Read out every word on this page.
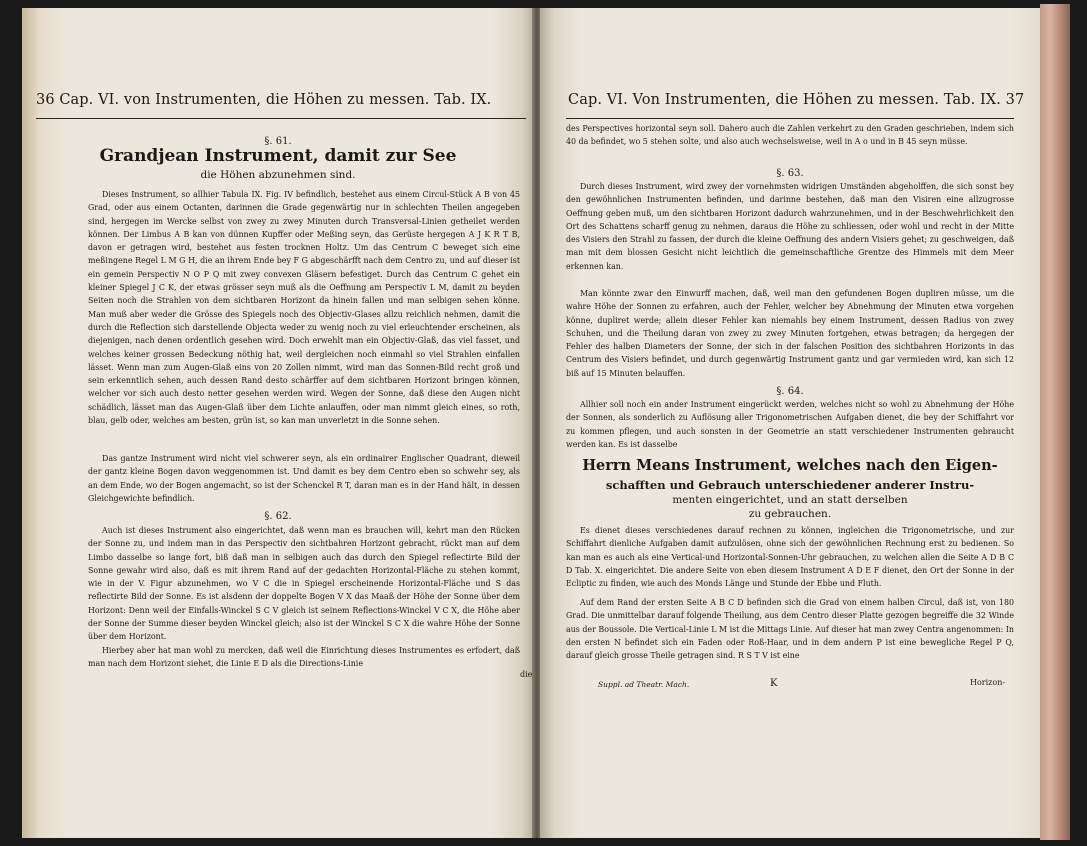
36 Cap. VI. von Instrumenten, die Höhen zu messen. Tab. IX.
§. 61.
Grandjean Instrument, damit zur See
die Höhen abzunehmen sind.
Dieses Instrument, so allhier Tabula IX. Fig. IV befindlich, bestehet aus einem Circul-Stück A B von 45 Grad, oder aus einem Octanten, darinnen die Grade gegenwärtig nur in schlechten Theilen angegeben sind, hergegen im Wercke selbst von zwey zu zwey Minuten durch Transversal-Linien getheilet werden können. Der Limbus A B kan von dünnen Kupffer oder Meßing seyn, das Gerüste hergegen A J K R T B, davon er getragen wird, bestehet aus festen trocknen Holtz. Um das Centrum C beweget sich eine meßingene Regel L M G H, die an ihrem Ende bey F G abgeschärfft nach dem Centro zu, und auf dieser ist ein gemein Perspectiv N O P Q mit zwey convexen Gläsern befestiget. Durch das Centrum C gehet ein kleiner Spiegel J C K, der etwas grösser seyn muß als die Oeffnung am Perspectiv L M, damit zu beyden Seiten noch die Strahlen von dem sichtbaren Horizont da hinein fallen und man selbigen sehen könne. Man muß aber weder die Grösse des Spiegels noch des Objectiv-Glases allzu reichlich nehmen, damit die durch die Reflection sich darstellende Objecta weder zu wenig noch zu viel erleuchtender erscheinen, als diejenigen, nach denen ordentlich gesehen wird. Doch erwehlt man ein Objectiv-Glaß, das viel fasset, und welches keiner grossen Bedeckung nöthig hat, weil dergleichen noch einmahl so viel Strahlen einfallen lässet. Wenn man zum Augen-Glaß eins von 20 Zollen nimmt, wird man das Sonnen-Bild recht groß und sein erkenntlich sehen, auch dessen Rand desto schärffer auf dem sichtbaren Horizont bringen können, welcher vor sich auch desto netter gesehen werden wird. Wegen der Sonne, daß diese den Augen nicht schädlich, lässet man das Augen-Glaß über dem Lichte anlauffen, oder man nimmt gleich eines, so roth, blau, gelb oder, welches am besten, grün ist, so kan man unverletzt in die Sonne sehen.
Das gantze Instrument wird nicht viel schwerer seyn, als ein ordinairer Englischer Quadrant, dieweil der gantz kleine Bogen davon weggenommen ist. Und damit es bey dem Centro eben so schwehr sey, als an dem Ende, wo der Bogen angemacht, so ist der Schenckel R T, daran man es in der Hand hält, in dessen Gleichgewichte befindlich.
§. 62.
Auch ist dieses Instrument also eingerichtet, daß wenn man es brauchen will, kehrt man den Rücken der Sonne zu, und indem man in das Perspectiv den sichtbahren Horizont gebracht, rückt man auf dem Limbo dasselbe so lange fort, biß daß man in selbigen auch das durch den Spiegel reflectirte Bild der Sonne gewahr wird also, daß es mit ihrem Rand auf der gedachten Horizontal-Fläche zu stehen kommt, wie in der V. Figur abzunehmen, wo V C die in Spiegel erscheinende Horizontal-Fläche und S das reflectirte Bild der Sonne. Es ist alsdenn der doppelte Bogen V X das Maaß der Höhe der Sonne über dem Horizont: Denn weil der Einfalls-Winckel S C V gleich ist seinem Reflections-Winckel V C X, die Höhe aber der Sonne der Summe dieser beyden Winckel gleich; also ist der Winckel S C X die wahre Höhe der Sonne über dem Horizont.
Hierbey aber hat man wohl zu mercken, daß weil die Einrichtung dieses Instrumentes es erfodert, daß man nach dem Horizont siehet, die Linie E D als die Directions-Linie
die
Cap. VI. Von Instrumenten, die Höhen zu messen. Tab. IX. 37
des Perspectives horizontal seyn soll. Dahero auch die Zahlen verkehrt zu den Graden geschrieben, indem sich 40 da befindet, wo 5 stehen solte, und also auch wechselsweise, weil in A o und in B 45 seyn müsse.
§. 63.
Durch dieses Instrument, wird zwey der vornehmsten widrigen Umständen abgeholffen, die sich sonst bey den gewöhnlichen Instrumenten befinden, und darinne bestehen, daß man den Visiren eine allzugrosse Oeffnung geben muß, um den sichtbaren Horizont dadurch wahrzunehmen, und in der Beschwehrlichkeit den Ort des Schattens scharff genug zu nehmen, daraus die Höhe zu schliessen, oder wohl und recht in der Mitte des Visiers den Strahl zu fassen, der durch die kleine Oeffnung des andern Visiers gehet; zu geschweigen, daß man mit dem blossen Gesicht nicht leichtlich die gemeinschaftliche Grentze des Himmels mit dem Meer erkennen kan.
Man könnte zwar den Einwurff machen, daß, weil man den gefundenen Bogen dupliren müsse, um die wahre Höhe der Sonnen zu erfahren, auch der Fehler, welcher bey Abnehmung der Minuten etwa vorgehen könne, dupliret werde; allein dieser Fehler kan niemahls bey einem Instrument, dessen Radius von zwey Schuhen, und die Theilung daran von zwey zu zwey Minuten fortgehen, etwas betragen; da hergegen der Fehler des halben Diameters der Sonne, der sich in der falschen Position des sichtbahren Horizonts in das Centrum des Visiers befindet, und durch gegenwärtig Instrument gantz und gar vermieden wird, kan sich 12 biß auf 15 Minuten belauffen.
§. 64.
Allhier soll noch ein ander Instrument eingerückt werden, welches nicht so wohl zu Abnehmung der Höhe der Sonnen, als sonderlich zu Auflösung aller Trigonometrischen Aufgaben dienet, die bey der Schiffahrt vor zu kommen pflegen, und auch sonsten in der Geometrie an statt verschiedener Instrumenten gebraucht werden kan. Es ist dasselbe
Herrn Means Instrument, welches nach den Eigen-
schafften und Gebrauch unterschiedener anderer Instru-
menten eingerichtet, und an statt derselben
zu gebrauchen.
Es dienet dieses verschiedenes darauf rechnen zu können, ingleichen die Trigonometrische, und zur Schiffahrt dienliche Aufgaben damit aufzulösen, ohne sich der gewöhnlichen Rechnung erst zu bedienen. So kan man es auch als eine Vertical-und Horizontal-Sonnen-Uhr gebrauchen, zu welchen allen die Seite A D B C D Tab. X. eingerichtet. Die andere Seite von eben diesem Instrument A D E F dienet, den Ort der Sonne in der Ecliptic zu finden, wie auch des Monds Länge und Stunde der Ebbe und Fluth.
Auf dem Rand der ersten Seite A B C D befinden sich die Grad von einem halben Circul, daß ist, von 180 Grad. Die unmittelbar darauf folgende Theilung, aus dem Centro dieser Platte gezogen begreiffe die 32 Winde aus der Boussole. Die Vertical-Linie L M ist die Mittags Linie. Auf dieser hat man zwey Centra angenommen: In den ersten N befindet sich ein Faden oder Roß-Haar, und in dem andern P ist eine bewegliche Regel P Q, darauf gleich grosse Theile getragen sind. R S T V ist eine
Suppl. ad Theatr. Mach.	K	Horizon-
